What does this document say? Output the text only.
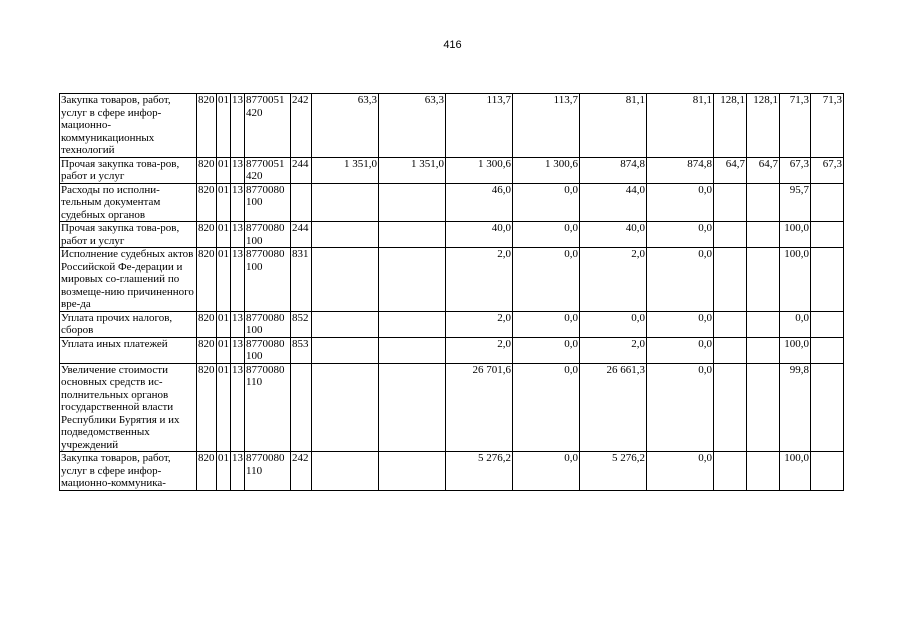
416
Закупка товаров, работ, услуг в сфере инфор-мационно-коммуникационных технологий	820	01	13	8770051420	242	63,3	63,3	113,7	113,7	81,1	81,1	128,1	128,1	71,3	71,3
Прочая закупка това-ров, работ и услуг	820	01	13	8770051420	244	1 351,0	1 351,0	1 300,6	1 300,6	874,8	874,8	64,7	64,7	67,3	67,3
Расходы по исполни-тельным документам судебных органов	820	01	13	8770080100				46,0	0,0	44,0	0,0			95,7	
Прочая закупка това-ров, работ и услуг	820	01	13	8770080100	244			40,0	0,0	40,0	0,0			100,0	
Исполнение судебных актов Российской Фе-дерации и мировых со-глашений по возмеще-нию причиненного вре-да	820	01	13	8770080100	831			2,0	0,0	2,0	0,0			100,0	
Уплата прочих налогов, сборов	820	01	13	8770080100	852			2,0	0,0	0,0	0,0			0,0	
Уплата иных платежей	820	01	13	8770080100	853			2,0	0,0	2,0	0,0			100,0	
Увеличение стоимости основных средств ис-полнительных органов государственной власти Республики Бурятия и их подведомственных учреждений	820	01	13	8770080110				26 701,6	0,0	26 661,3	0,0			99,8	
Закупка товаров, работ, услуг в сфере инфор-мационно-коммуника-	820	01	13	8770080110	242			5 276,2	0,0	5 276,2	0,0			100,0	
